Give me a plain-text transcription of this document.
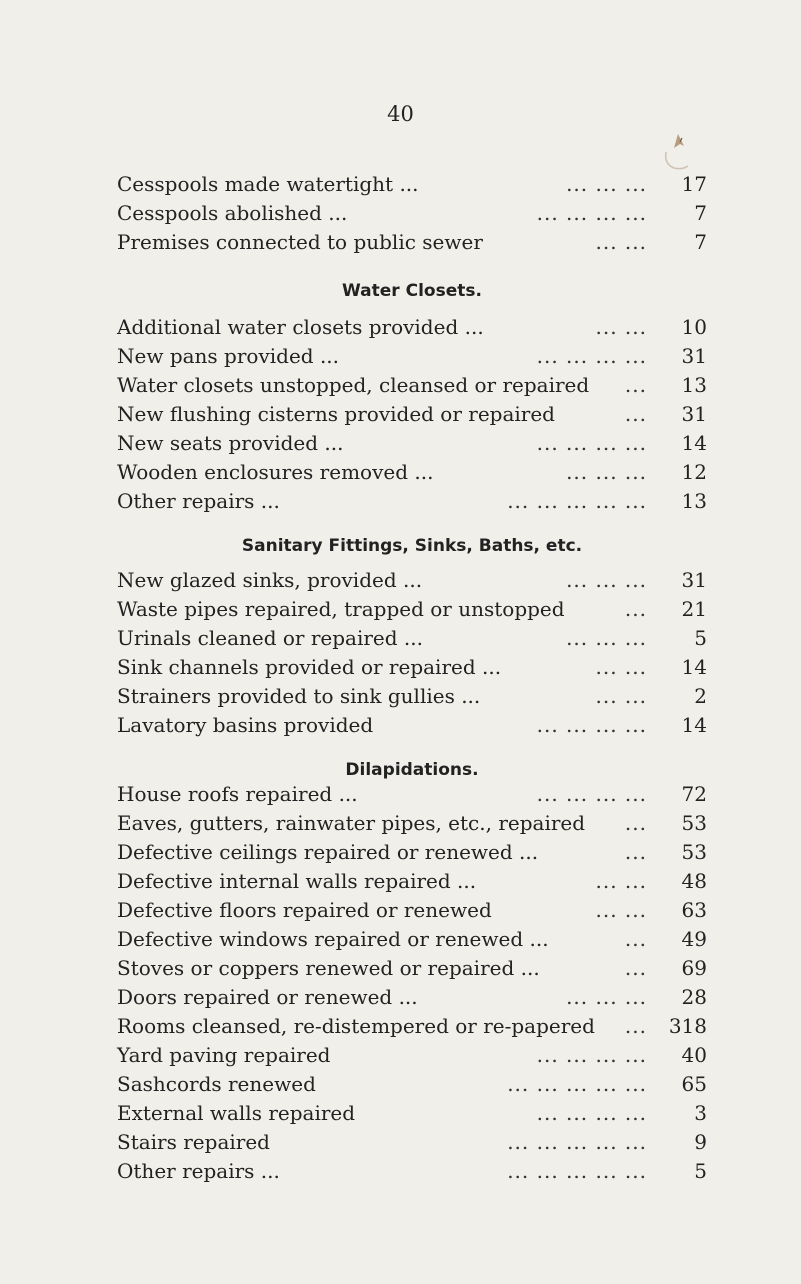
40
Cesspools made watertight ...	... ... ... 17
Cesspools abolished ...	... ... ... ... 7
Premises connected to public sewer	... ... 7
Water Closets.
Additional water closets provided ...	... ... 10
New pans provided ...	... ... ... ... 31
Water closets unstopped, cleansed or repaired ... 13
New flushing cisterns provided or repaired	... 31
New seats provided ...	... ... ... ... 14
Wooden enclosures removed ...	... ... ... 12
Other repairs ...	... ... ... ... ... 13
Sanitary Fittings, Sinks, Baths, etc.
New glazed sinks, provided ...	... ... ... 31
Waste pipes repaired, trapped or unstopped	... 21
Urinals cleaned or repaired ...	... ... ... 5
Sink channels provided or repaired ...	... ... 14
Strainers provided to sink gullies ...	... ... 2
Lavatory basins provided	... ... ... ... 14
Dilapidations.
House roofs repaired ...	... ... ... ... 72
Eaves, gutters, rainwater pipes, etc., repaired ... 53
Defective ceilings repaired or renewed ...	... 53
Defective internal walls repaired ...	... ... 48
Defective floors repaired or renewed	... ... 63
Defective windows repaired or renewed ...	... 49
Stoves or coppers renewed or repaired ...	... 69
Doors repaired or renewed ...	... ... ... 28
Rooms cleansed, re-distempered or re-papered ... 318
Yard paving repaired	... ... ... ... 40
Sashcords renewed	... ... ... ... ... 65
External walls repaired	... ... ... ... 3
Stairs repaired	... ... ... ... ... 9
Other repairs ...	... ... ... ... ... 5
